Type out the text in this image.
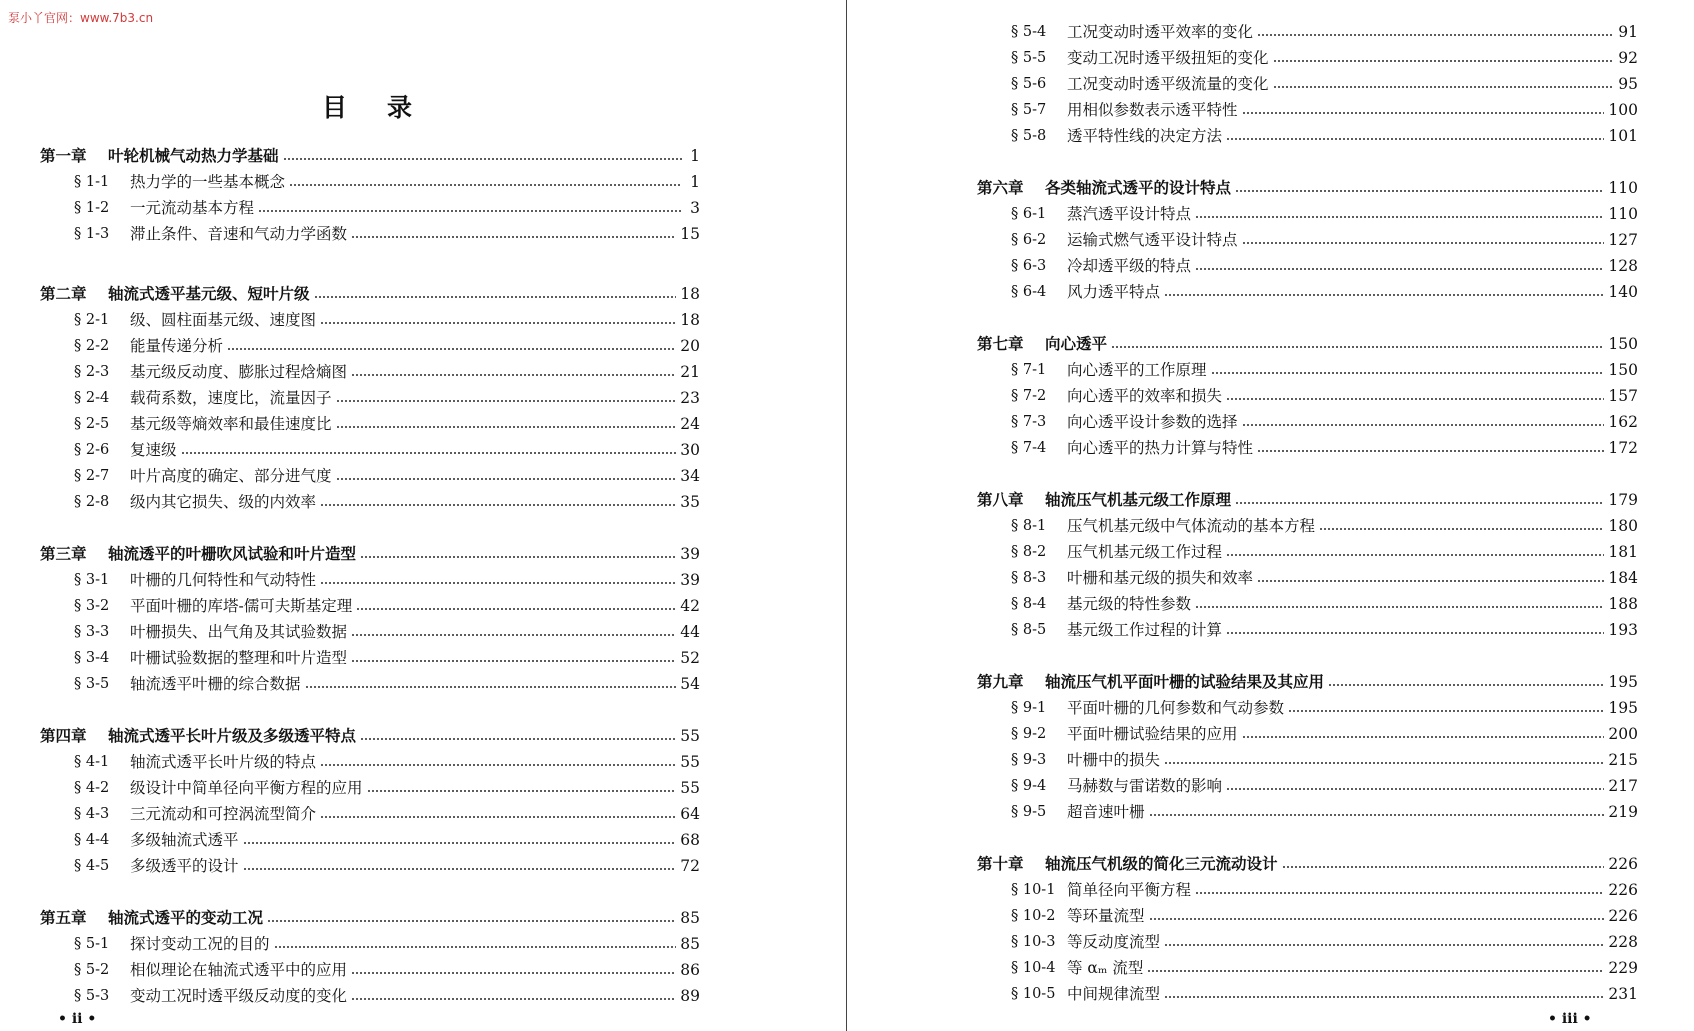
泵小丫官网：www.7b3.cn
目录
第一章	叶轮机械气动热力学基础	1
§ 1-1	热力学的一些基本概念	1
§ 1-2	一元流动基本方程	3
§ 1-3	滞止条件、音速和气动力学函数	15
第二章	轴流式透平基元级、短叶片级	18
§ 2-1	级、圆柱面基元级、速度图	18
§ 2-2	能量传递分析	20
§ 2-3	基元级反动度、膨胀过程焓熵图	21
§ 2-4	载荷系数，速度比，流量因子	23
§ 2-5	基元级等熵效率和最佳速度比	24
§ 2-6	复速级	30
§ 2-7	叶片高度的确定、部分进气度	34
§ 2-8	级内其它损失、级的内效率	35
第三章	轴流透平的叶栅吹风试验和叶片造型	39
§ 3-1	叶栅的几何特性和气动特性	39
§ 3-2	平面叶栅的库塔-儒可夫斯基定理	42
§ 3-3	叶栅损失、出气角及其试验数据	44
§ 3-4	叶栅试验数据的整理和叶片造型	52
§ 3-5	轴流透平叶栅的综合数据	54
第四章	轴流式透平长叶片级及多级透平特点	55
§ 4-1	轴流式透平长叶片级的特点	55
§ 4-2	级设计中简单径向平衡方程的应用	55
§ 4-3	三元流动和可控涡流型简介	64
§ 4-4	多级轴流式透平	68
§ 4-5	多级透平的设计	72
第五章	轴流式透平的变动工况	85
§ 5-1	探讨变动工况的目的	85
§ 5-2	相似理论在轴流式透平中的应用	86
§ 5-3	变动工况时透平级反动度的变化	89
• ii •
§ 5-4	工况变动时透平效率的变化	91
§ 5-5	变动工况时透平级扭矩的变化	92
§ 5-6	工况变动时透平级流量的变化	95
§ 5-7	用相似参数表示透平特性	100
§ 5-8	透平特性线的决定方法	101
第六章	各类轴流式透平的设计特点	110
§ 6-1	蒸汽透平设计特点	110
§ 6-2	运输式燃气透平设计特点	127
§ 6-3	冷却透平级的特点	128
§ 6-4	风力透平特点	140
第七章	向心透平	150
§ 7-1	向心透平的工作原理	150
§ 7-2	向心透平的效率和损失	157
§ 7-3	向心透平设计参数的选择	162
§ 7-4	向心透平的热力计算与特性	172
第八章	轴流压气机基元级工作原理	179
§ 8-1	压气机基元级中气体流动的基本方程	180
§ 8-2	压气机基元级工作过程	181
§ 8-3	叶栅和基元级的损失和效率	184
§ 8-4	基元级的特性参数	188
§ 8-5	基元级工作过程的计算	193
第九章	轴流压气机平面叶栅的试验结果及其应用	195
§ 9-1	平面叶栅的几何参数和气动参数	195
§ 9-2	平面叶栅试验结果的应用	200
§ 9-3	叶栅中的损失	215
§ 9-4	马赫数与雷诺数的影响	217
§ 9-5	超音速叶栅	219
第十章	轴流压气机级的简化三元流动设计	226
§ 10-1 简单径向平衡方程	226
§ 10-2 等环量流型	226
§ 10-3 等反动度流型	228
§ 10-4 等 αₘ 流型	229
§ 10-5 中间规律流型	231
• iii •
